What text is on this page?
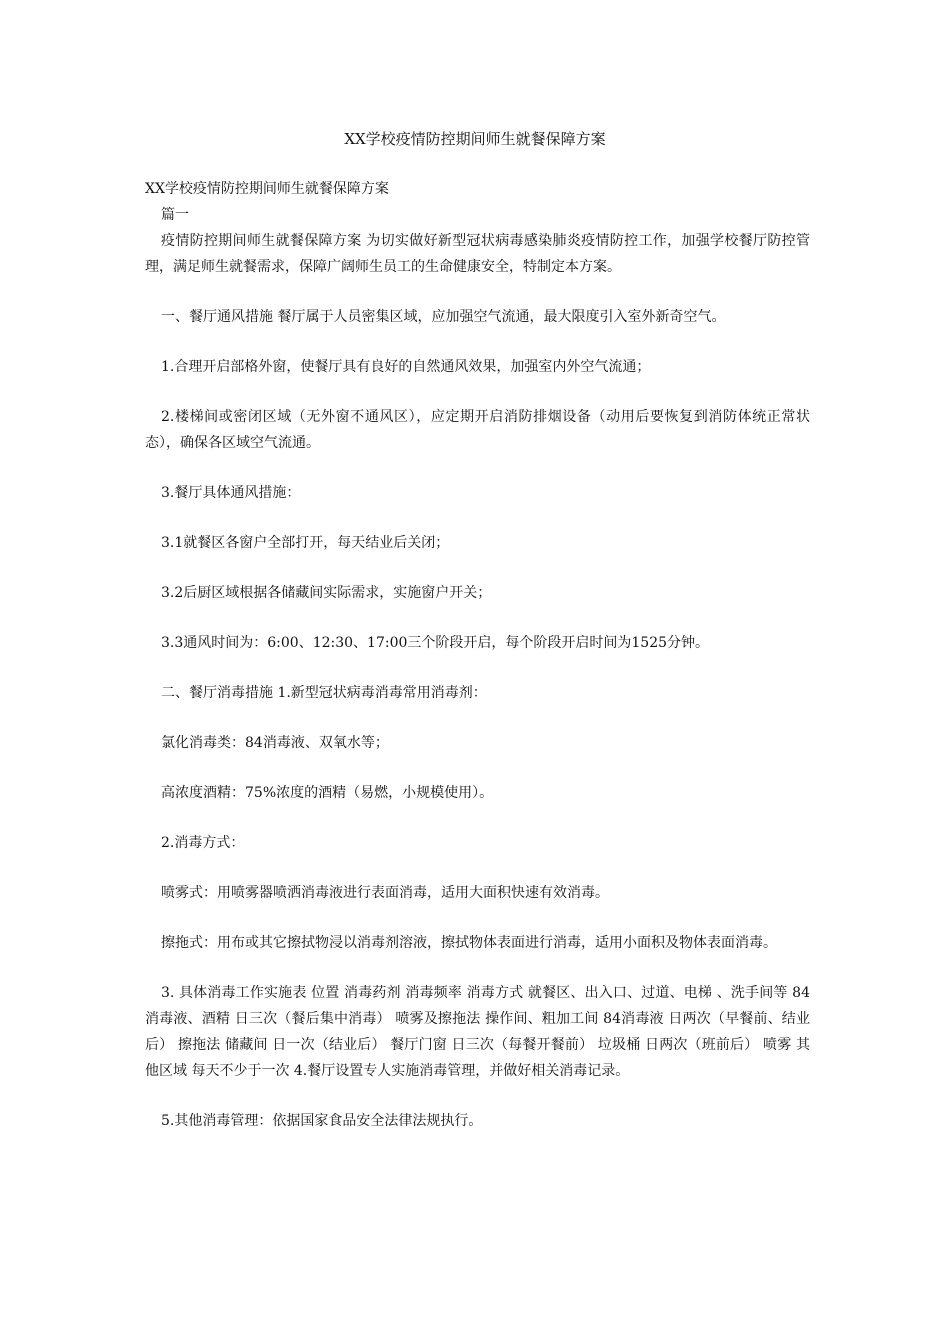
XX学校疫情防控期间师生就餐保障方案

XX学校疫情防控期间师生就餐保障方案

篇一

疫情防控期间师生就餐保障方案 为切实做好新型冠状病毒感染肺炎疫情防控工作，加强学校餐厅防控管理，满足师生就餐需求，保障广阔师生员工的生命健康安全，特制定本方案。

一、餐厅通风措施 餐厅属于人员密集区域，应加强空气流通，最大限度引入室外新奇空气。

1.合理开启部格外窗，使餐厅具有良好的自然通风效果，加强室内外空气流通；

2.楼梯间或密闭区域（无外窗不通风区），应定期开启消防排烟设备（动用后要恢复到消防体统正常状态），确保各区域空气流通。

3.餐厅具体通风措施：

3.1就餐区各窗户全部打开，每天结业后关闭；

3.2后厨区域根据各储藏间实际需求，实施窗户开关；

3.3通风时间为：6:00、12:30、17:00三个阶段开启，每个阶段开启时间为1525分钟。

二、餐厅消毒措施 1.新型冠状病毒消毒常用消毒剂：

氯化消毒类：84消毒液、双氧水等；

高浓度酒精：75%浓度的酒精（易燃，小规模使用）。

2.消毒方式：

喷雾式：用喷雾器喷洒消毒液进行表面消毒，适用大面积快速有效消毒。

擦拖式：用布或其它擦拭物浸以消毒剂溶液，擦拭物体表面进行消毒，适用小面积及物体表面消毒。

3. 具体消毒工作实施表 位置 消毒药剂 消毒频率 消毒方式 就餐区、出入口、过道、电梯 、洗手间等 84消毒液、酒精 日三次（餐后集中消毒） 喷雾及擦拖法 操作间、粗加工间 84消毒液 日两次（早餐前、结业后） 擦拖法 储藏间 日一次（结业后） 餐厅门窗 日三次（每餐开餐前） 垃圾桶 日两次（班前后） 喷雾 其他区域 每天不少于一次 4.餐厅设置专人实施消毒管理，并做好相关消毒记录。

5.其他消毒管理：依据国家食品安全法律法规执行。
